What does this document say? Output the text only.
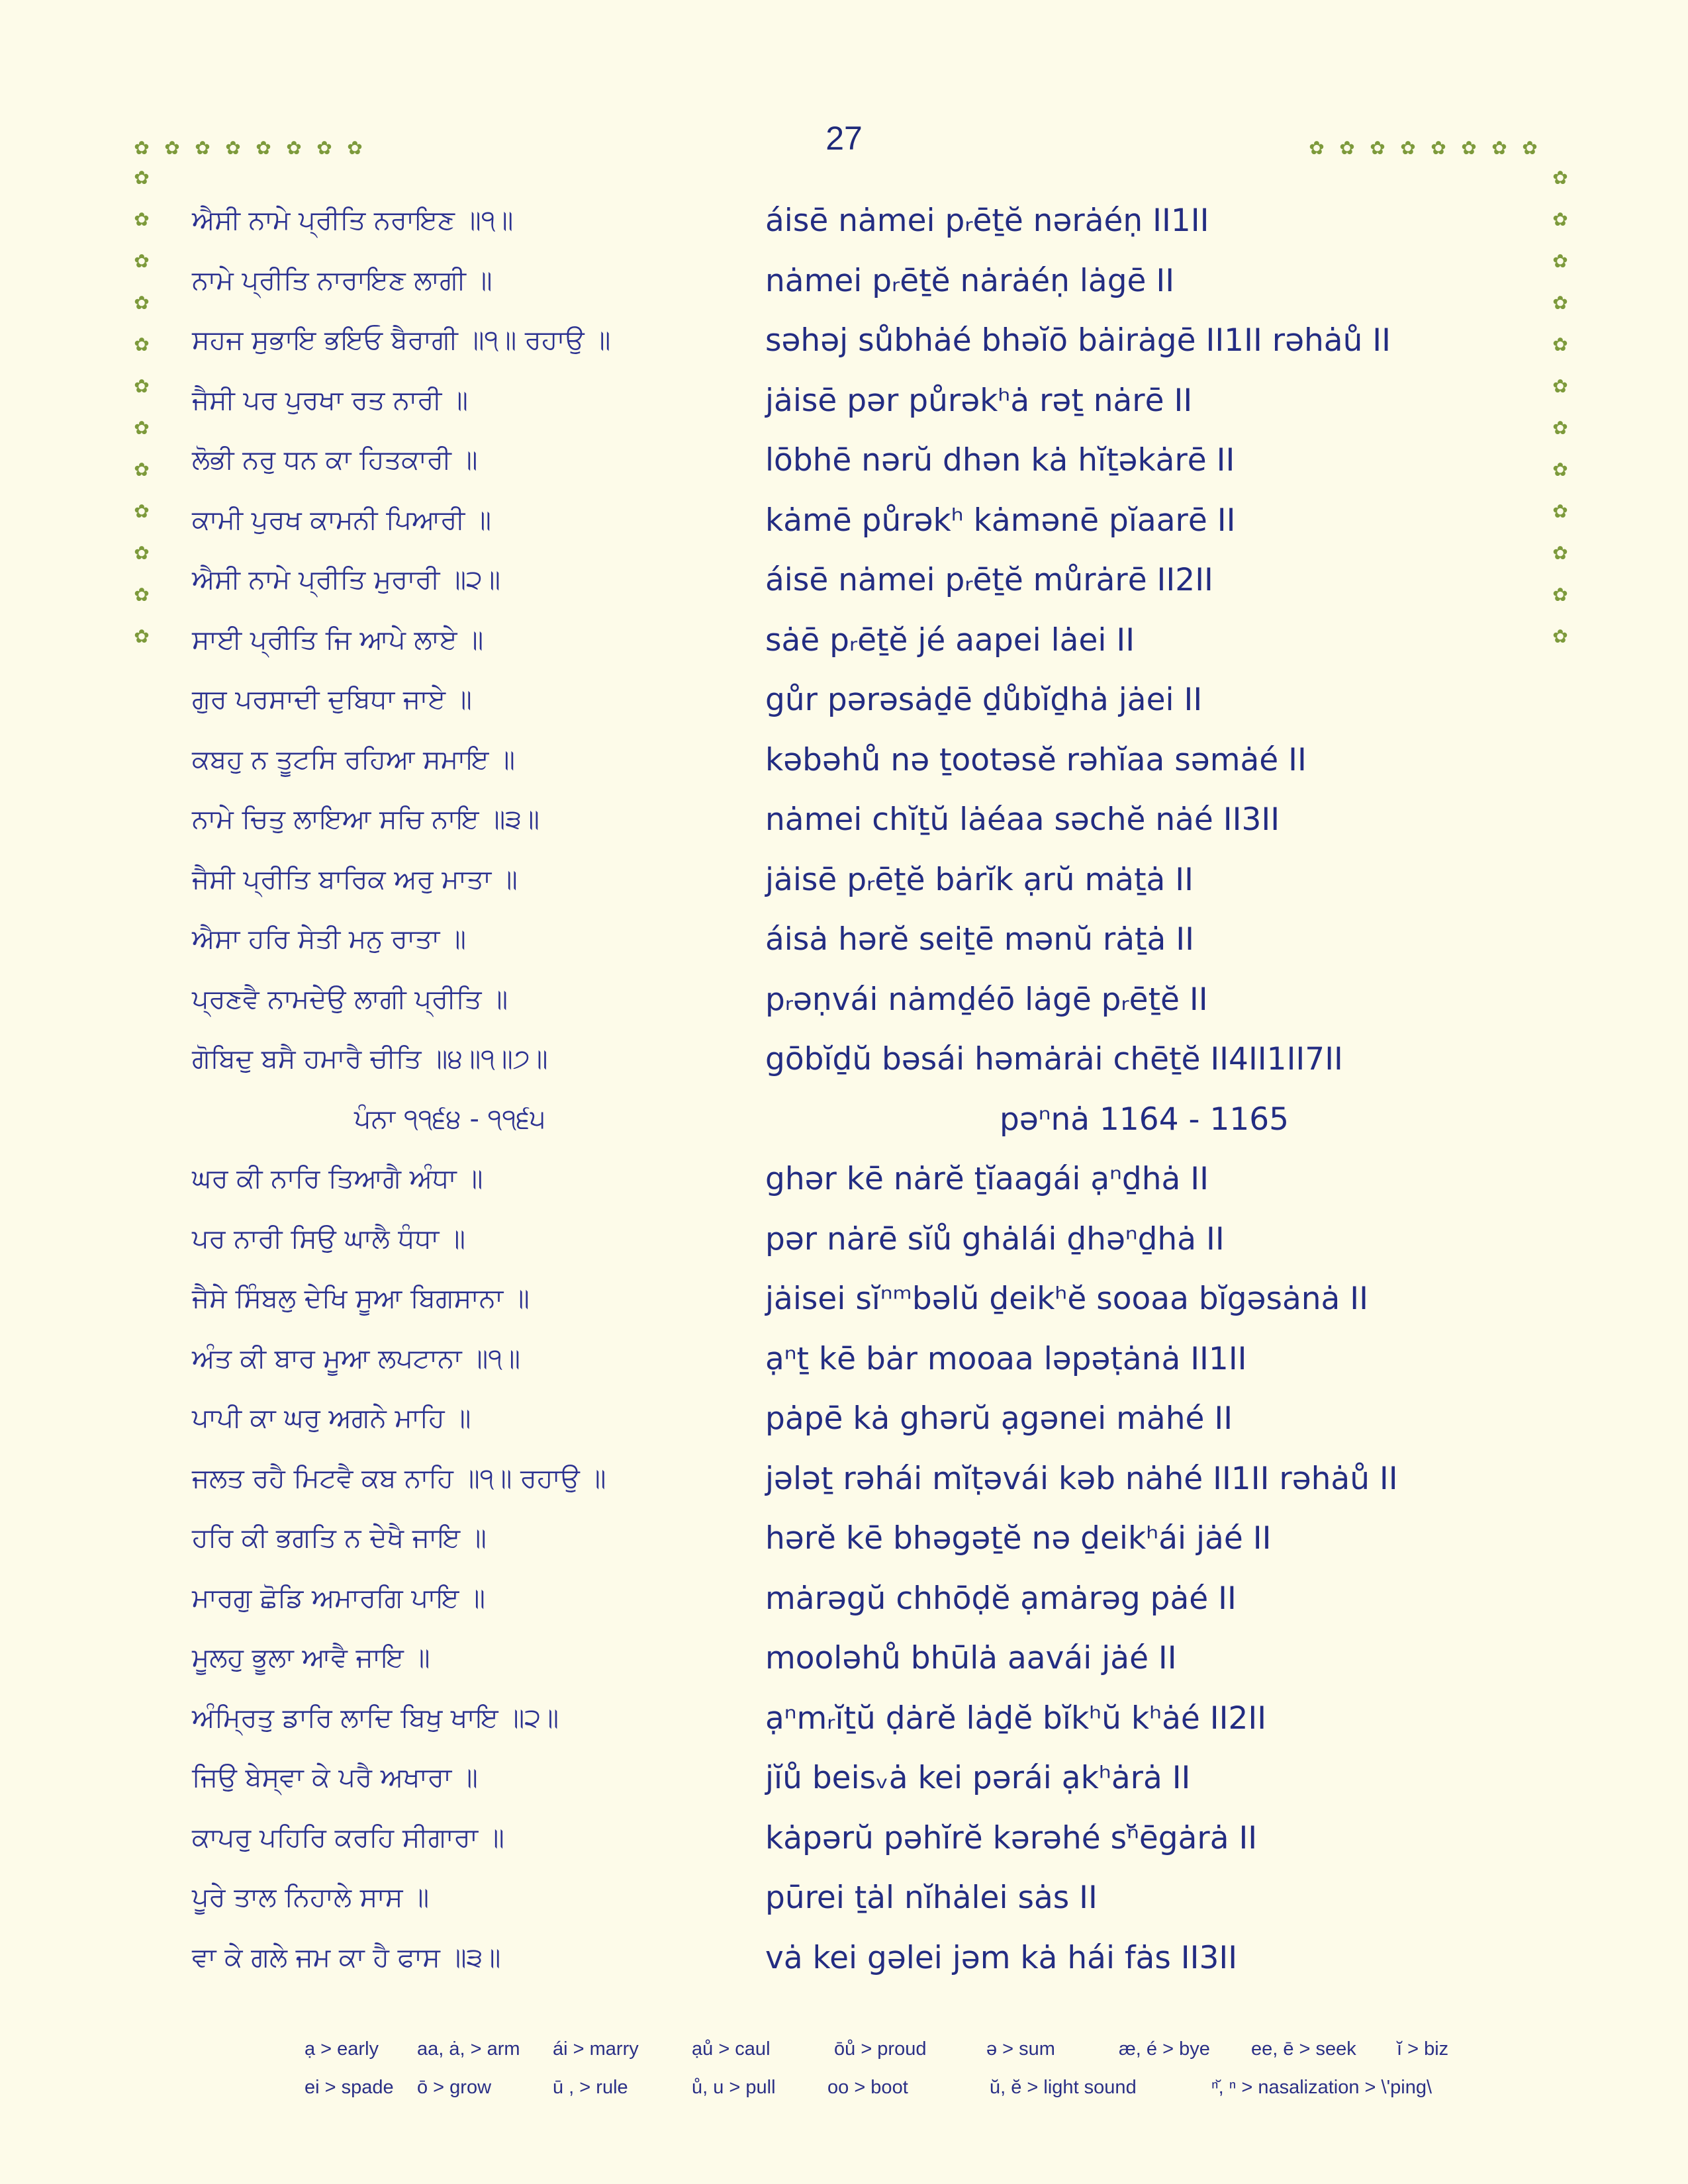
27
✿ ✿ ✿ ✿ ✿ ✿ ✿ ✿	✿ ✿ ✿ ✿ ✿ ✿ ✿ ✿
✿
✿
✿
✿
✿
✿
✿
✿
✿
✿
✿
✿
✿
✿
✿
✿
✿
✿
✿
✿
✿
✿
✿
✿
ਐਸੀ ਨਾਮੇ ਪ੍ਰੀਤਿ ਨਰਾਇਣ ॥੧॥	áisē nȧmei pᵣēṯĕ nərȧéṇ II1II
ਨਾਮੇ ਪ੍ਰੀਤਿ ਨਾਰਾਇਣ ਲਾਗੀ ॥	nȧmei pᵣēṯĕ nȧrȧéṇ lȧgē II
ਸਹਜ ਸੁਭਾਇ ਭਇਓ ਬੈਰਾਗੀ ॥੧॥ ਰਹਾਉ ॥	səhəj sůbhȧé bhəĭō bȧirȧgē II1II rəhȧů II
ਜੈਸੀ ਪਰ ਪੁਰਖਾ ਰਤ ਨਾਰੀ ॥	jȧisē pər půrəkʰȧ rəṯ nȧrē II
ਲੋਭੀ ਨਰੁ ਧਨ ਕਾ ਹਿਤਕਾਰੀ ॥	lōbhē nərŭ dhən kȧ hĭṯəkȧrē II
ਕਾਮੀ ਪੁਰਖ ਕਾਮਨੀ ਪਿਆਰੀ ॥	kȧmē půrəkʰ kȧmənē pĭaarē II
ਐਸੀ ਨਾਮੇ ਪ੍ਰੀਤਿ ਮੁਰਾਰੀ ॥੨॥	áisē nȧmei pᵣēṯĕ můrȧrē II2II
ਸਾਈ ਪ੍ਰੀਤਿ ਜਿ ਆਪੇ ਲਾਏ ॥	sȧē pᵣēṯĕ jé aapei lȧei II
ਗੁਰ ਪਰਸਾਦੀ ਦੁਬਿਧਾ ਜਾਏ ॥	gůr pərəsȧḏē ḏůbĭḏhȧ jȧei II
ਕਬਹੁ ਨ ਤੂਟਸਿ ਰਹਿਆ ਸਮਾਇ ॥	kəbəhů nə ṯootəsĕ rəhĭaa səmȧé II
ਨਾਮੇ ਚਿਤੁ ਲਾਇਆ ਸਚਿ ਨਾਇ ॥੩॥	nȧmei chĭṯŭ lȧéaa səchĕ nȧé II3II
ਜੈਸੀ ਪ੍ਰੀਤਿ ਬਾਰਿਕ ਅਰੁ ਮਾਤਾ ॥	jȧisē pᵣēṯĕ bȧrĭk ạrŭ mȧṯȧ II
ਐਸਾ ਹਰਿ ਸੇਤੀ ਮਨੁ ਰਾਤਾ ॥	áisȧ hərĕ seiṯē mənŭ rȧṯȧ II
ਪ੍ਰਣਵੈ ਨਾਮਦੇਉ ਲਾਗੀ ਪ੍ਰੀਤਿ ॥	pᵣəṇvái nȧmḏéō lȧgē pᵣēṯĕ II
ਗੋਬਿਦੁ ਬਸੈ ਹਮਾਰੈ ਚੀਤਿ ॥੪॥੧॥੭॥	gōbĭḏŭ bəsái həmȧrȧi chēṯĕ II4II1II7II
ਪੰਨਾ ੧੧੬੪ - ੧੧੬੫	pəⁿnȧ 1164 - 1165
ਘਰ ਕੀ ਨਾਰਿ ਤਿਆਗੈ ਅੰਧਾ ॥	ghər kē nȧrĕ ṯĭaagái ạⁿḏhȧ II
ਪਰ ਨਾਰੀ ਸਿਉ ਘਾਲੈ ਧੰਧਾ ॥	pər nȧrē sĭů ghȧlái ḏhəⁿḏhȧ II
ਜੈਸੇ ਸਿੰਬਲੁ ਦੇਖਿ ਸੂਆ ਬਿਗਸਾਨਾ ॥	jȧisei sĭⁿᵐbəlŭ ḏeikʰĕ sooaa bĭgəsȧnȧ II
ਅੰਤ ਕੀ ਬਾਰ ਮੂਆ ਲਪਟਾਨਾ ॥੧॥	ạⁿṯ kē bȧr mooaa ləpəṭȧnȧ II1II
ਪਾਪੀ ਕਾ ਘਰੁ ਅਗਨੇ ਮਾਹਿ ॥	pȧpē kȧ ghərŭ ạgənei mȧhé II
ਜਲਤ ਰਹੈ ਮਿਟਵੈ ਕਬ ਨਾਹਿ ॥੧॥ ਰਹਾਉ ॥	jələṯ rəhái mĭṭəvái kəb nȧhé II1II rəhȧů II
ਹਰਿ ਕੀ ਭਗਤਿ ਨ ਦੇਖੈ ਜਾਇ ॥	hərĕ kē bhəgəṯĕ nə ḏeikʰái jȧé II
ਮਾਰਗੁ ਛੋਡਿ ਅਮਾਰਗਿ ਪਾਇ ॥	mȧrəgŭ chhōḍĕ ạmȧrəg pȧé II
ਮੂਲਹੁ ਭੂਲਾ ਆਵੈ ਜਾਇ ॥	mooləhů bhūlȧ aavái jȧé II
ਅੰਮ੍ਰਿਤੁ ਡਾਰਿ ਲਾਦਿ ਬਿਖੁ ਖਾਇ ॥੨॥	ạⁿmᵣĭṯŭ ḍȧrĕ lȧḏĕ bĭkʰŭ kʰȧé II2II
ਜਿਉ ਬੇਸ੍ਵਾ ਕੇ ਪਰੈ ਅਖਾਰਾ ॥	jĭů beisᵥȧ kei pərái ạkʰȧrȧ II
ਕਾਪਰੁ ਪਹਿਰਿ ਕਰਹਿ ਸੀਗਾਰਾ ॥	kȧpərŭ pəhĭrĕ kərəhé sⁿ̆ēgȧrȧ II
ਪੂਰੇ ਤਾਲ ਨਿਹਾਲੇ ਸਾਸ ॥	pūrei ṯȧl nĭhȧlei sȧs II
ਵਾ ਕੇ ਗਲੇ ਜਮ ਕਾ ਹੈ ਫਾਸ ॥੩॥	vȧ kei gəlei jəm kȧ hái fȧs II3II
ạ > early aa, ȧ, > arm ái > marry	ạů > caul	ōů > proud	ə > sum	æ, é > bye ee, ē > seek ĭ > biz
ei > spade ō > grow	ū , > rule	ů, u > pull	oo > boot	ŭ, ĕ > light sound	ⁿ̆, ⁿ > nasalization > \'ping\
